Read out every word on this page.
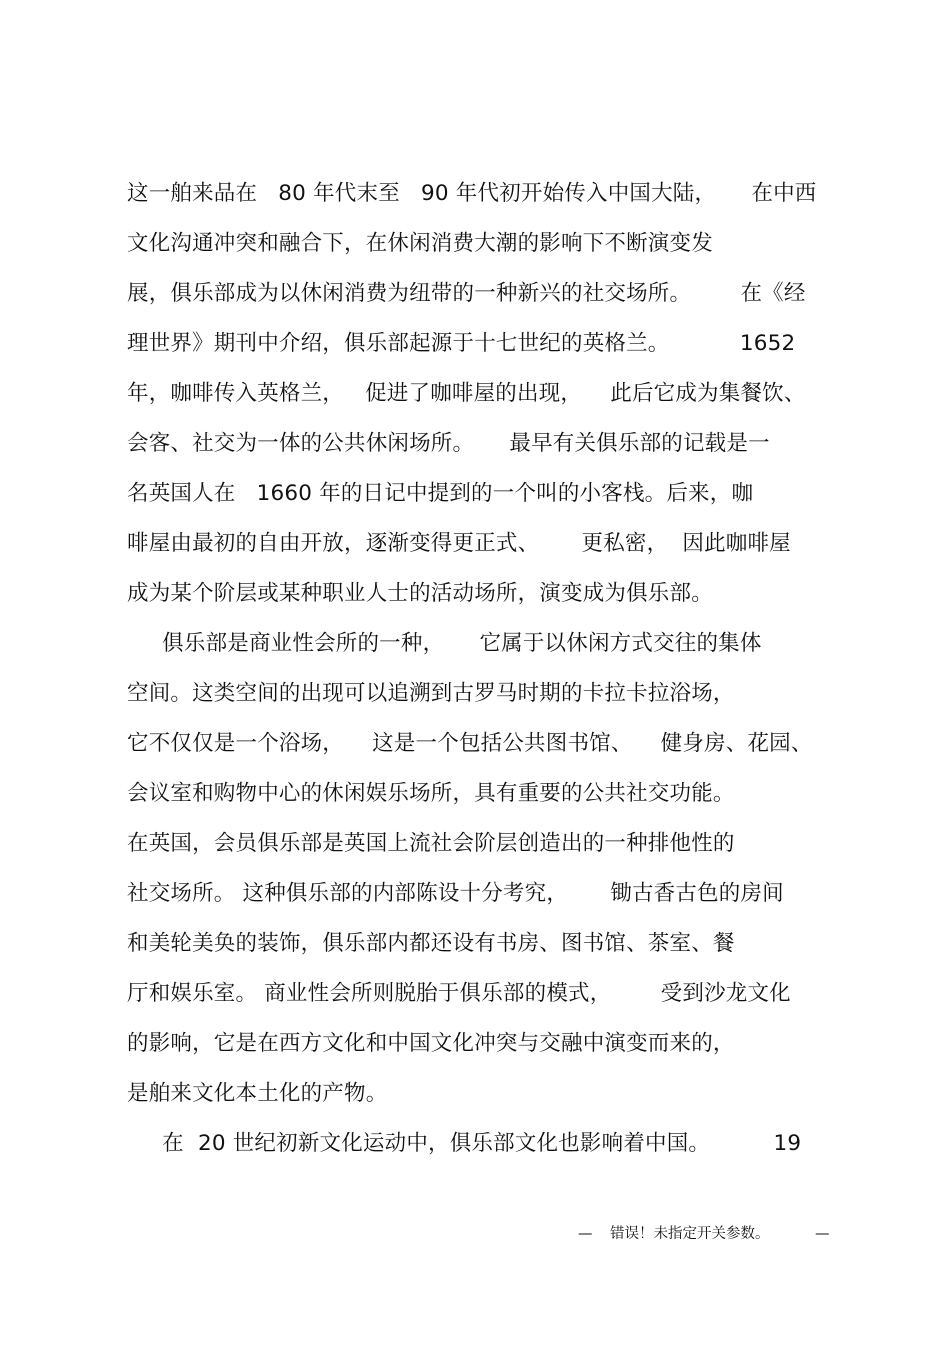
这一舶来品在   80 年代末至   90 年代初开始传入中国大陆，     在中西
文化沟通冲突和融合下，在休闲消费大潮的影响下不断演变发
展，俱乐部成为以休闲消费为纽带的一种新兴的社交场所。       在《经
理世界》期刊中介绍，俱乐部起源于十七世纪的英格兰。          1652
年，咖啡传入英格兰，   促进了咖啡屋的出现，    此后它成为集餐饮、
会客、社交为一体的公共休闲场所。     最早有关俱乐部的记载是一
名英国人在   1660 年的日记中提到的一个叫的小客栈。后来，咖
啡屋由最初的自由开放，逐渐变得更正式、      更私密，  因此咖啡屋
成为某个阶层或某种职业人士的活动场所，演变成为俱乐部。
俱乐部是商业性会所的一种，     它属于以休闲方式交往的集体
空间。这类空间的出现可以追溯到古罗马时期的卡拉卡拉浴场，
它不仅仅是一个浴场，    这是一个包括公共图书馆、    健身房、花园、
会议室和购物中心的休闲娱乐场所，具有重要的公共社交功能。
在英国，会员俱乐部是英国上流社会阶层创造出的一种排他性的
社交场所。 这种俱乐部的内部陈设十分考究，      锄古香古色的房间
和美轮美奂的装饰，俱乐部内都还设有书房、图书馆、茶室、餐
厅和娱乐室。 商业性会所则脱胎于俱乐部的模式，       受到沙龙文化
的影响，它是在西方文化和中国文化冲突与交融中演变而来的，
是舶来文化本土化的产物。
在  20 世纪初新文化运动中，俱乐部文化也影响着中国。         19
— 错误！未指定开关参数。	—
